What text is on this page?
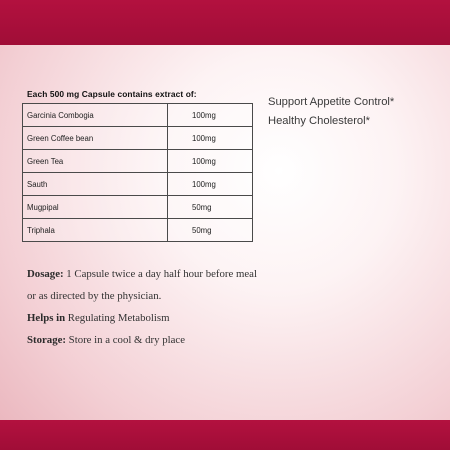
Each 500 mg Capsule contains extract of:
Garcinia Combogia	100mg
Green Coffee bean	100mg
Green Tea	100mg
Sauth	100mg
Mugpipal	50mg
Triphala	50mg
Support Appetite Control*
Healthy Cholesterol*
Dosage: 1 Capsule twice a day half hour before meal
or as directed by the physician.
Helps in Regulating Metabolism
Storage: Store in a cool & dry place
